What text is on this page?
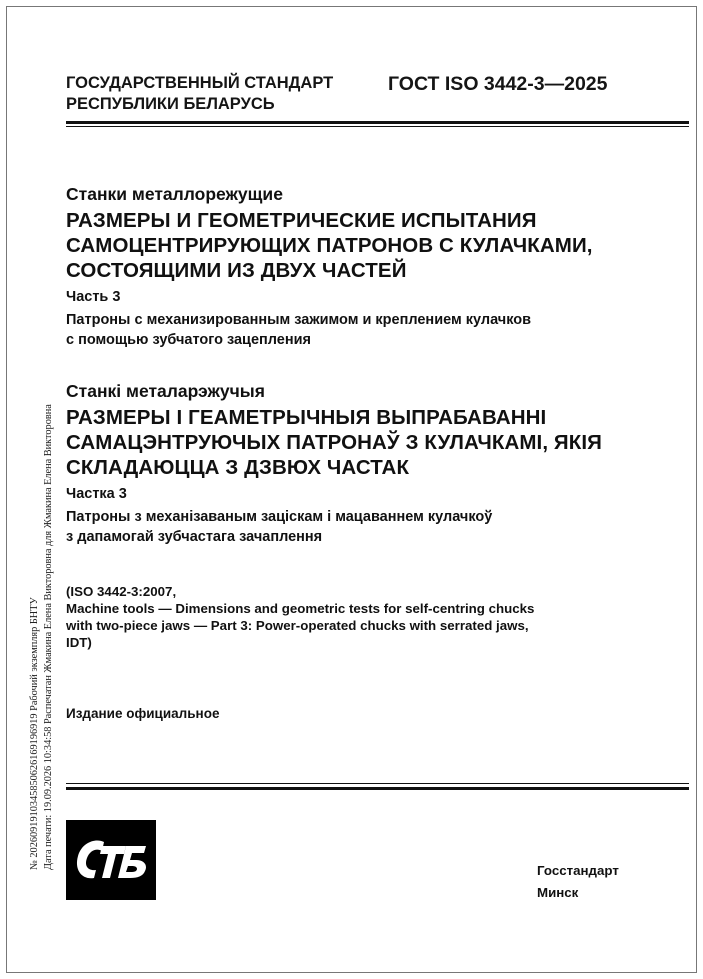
№ 2026091910345850626169196919 Рабочий экземпляр БНТУ Дата печати: 19.09.2026 10:34:58 Распечатан Жмакина Елена Викторовна для Жмакина Елена Викторовна
ГОСУДАРСТВЕННЫЙ СТАНДАРТ
РЕСПУБЛИКИ БЕЛАРУСЬ
ГОСТ ISO 3442-3—2025
Станки металлорежущие
РАЗМЕРЫ И ГЕОМЕТРИЧЕСКИЕ ИСПЫТАНИЯ
САМОЦЕНТРИРУЮЩИХ ПАТРОНОВ С КУЛАЧКАМИ,
СОСТОЯЩИМИ ИЗ ДВУХ ЧАСТЕЙ
Часть 3
Патроны с механизированным зажимом и креплением кулачков
с помощью зубчатого зацепления
Станкі металарэжучыя
РАЗМЕРЫ І ГЕАМЕТРЫЧНЫЯ ВЫПРАБАВАННІ
САМАЦЭНТРУЮЧЫХ ПАТРОНАЎ З КУЛАЧКАМІ, ЯКІЯ
СКЛАДАЮЦЦА З ДЗВЮХ ЧАСТАК
Частка 3
Патроны з механізаваным заціскам і мацаваннем кулачкоў
з дапамогай зубчастага зачаплення
(ISO 3442-3:2007,
Machine tools — Dimensions and geometric tests for self-centring chucks
with two-piece jaws — Part 3: Power-operated chucks with serrated jaws,
IDT)
Издание официальное
Госстандарт
Минск
